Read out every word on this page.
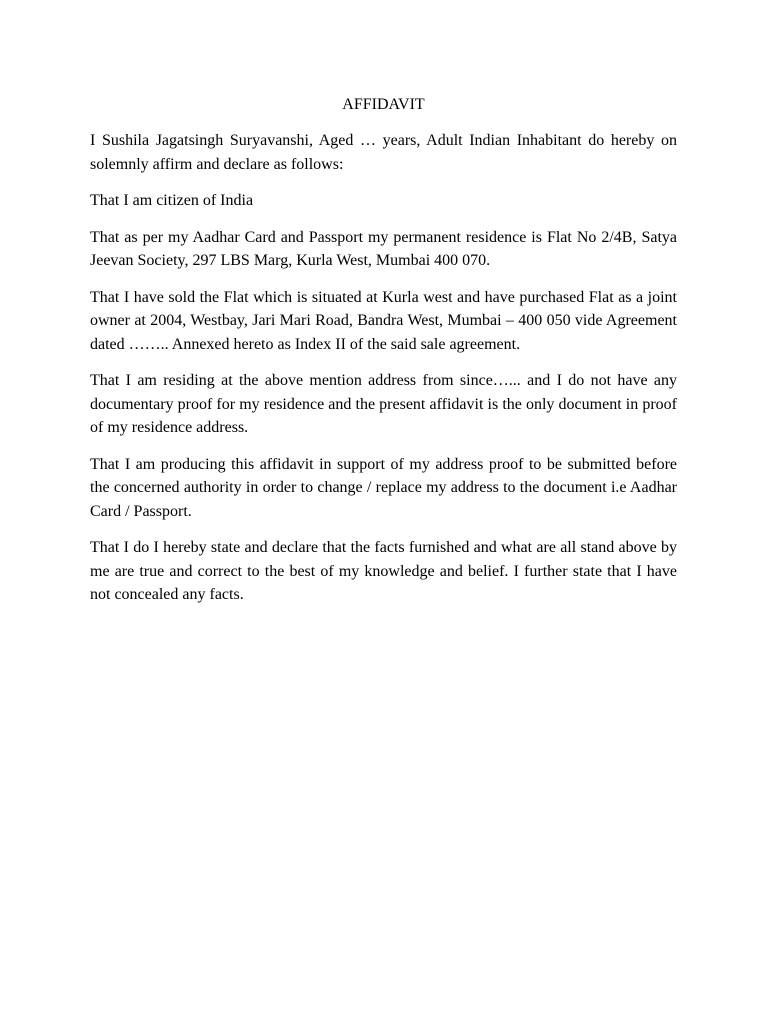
AFFIDAVIT

I Sushila Jagatsingh Suryavanshi, Aged … years, Adult Indian Inhabitant do hereby on solemnly affirm and declare as follows:

That I am citizen of India

That as per my Aadhar Card and Passport my permanent residence is Flat No 2/4B, Satya Jeevan Society, 297 LBS Marg, Kurla West, Mumbai 400 070.

That I have sold the Flat which is situated at Kurla west and have purchased Flat as a joint owner at 2004, Westbay, Jari Mari Road, Bandra West, Mumbai – 400 050 vide Agreement dated …….. Annexed hereto as Index II of the said sale agreement.

That I am residing at the above mention address from since…... and I do not have any documentary proof for my residence and the present affidavit is the only document in proof of my residence address.

That I am producing this affidavit in support of my address proof to be submitted before the concerned authority in order to change / replace my address to the document i.e Aadhar Card / Passport.

That I do I hereby state and declare that the facts furnished and what are all stand above by me are true and correct to the best of my knowledge and belief. I further state that I have not concealed any facts.
